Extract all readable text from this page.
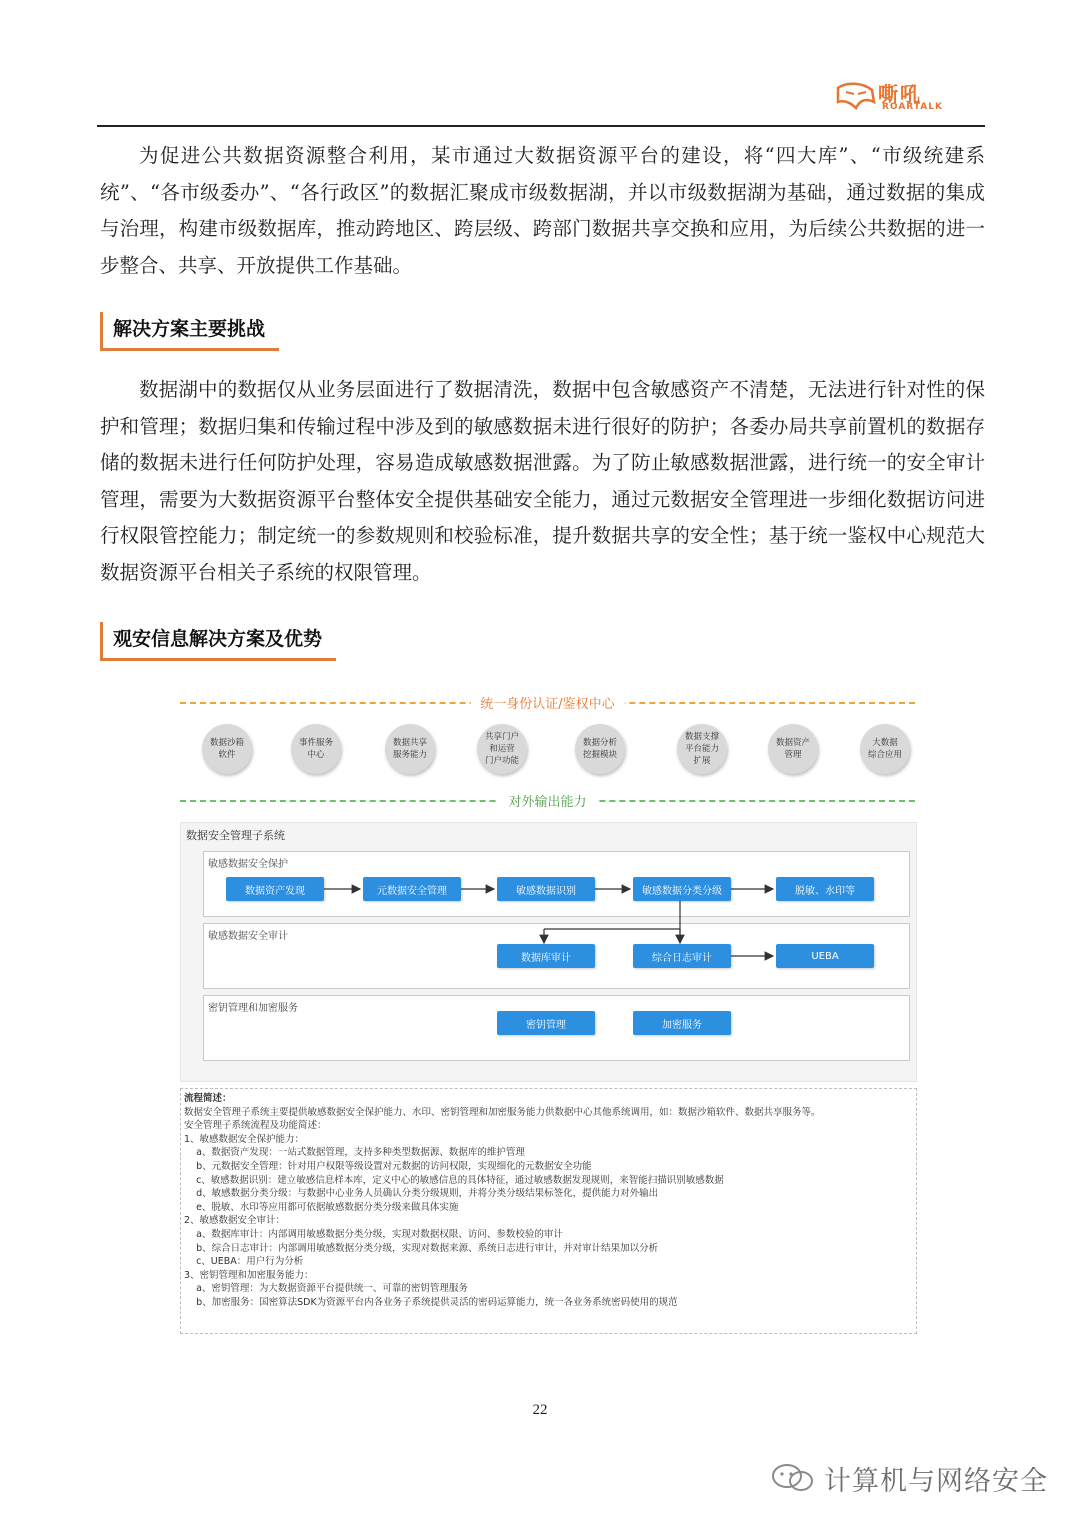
嘶吼
ROARTALK

为促进公共数据资源整合利用，某市通过大数据资源平台的建设，将“四大库”、“市级统建系统”、“各市级委办”、“各行政区”的数据汇聚成市级数据湖，并以市级数据湖为基础，通过数据的集成与治理，构建市级数据库，推动跨地区、跨层级、跨部门数据共享交换和应用，为后续公共数据的进一步整合、共享、开放提供工作基础。

解决方案主要挑战

数据湖中的数据仅从业务层面进行了数据清洗，数据中包含敏感资产不清楚，无法进行针对性的保护和管理；数据归集和传输过程中涉及到的敏感数据未进行很好的防护；各委办局共享前置机的数据存储的数据未进行任何防护处理，容易造成敏感数据泄露。为了防止敏感数据泄露，进行统一的安全审计管理，需要为大数据资源平台整体安全提供基础安全能力，通过元数据安全管理进一步细化数据访问进行权限管控能力；制定统一的参数规则和校验标准，提升数据共享的安全性；基于统一鉴权中心规范大数据资源平台相关子系统的权限管理。

观安信息解决方案及优势
统一身份认证/鉴权中心
数据沙箱
软件
事件服务
中心
数据共享
服务能力
共享门户
和运营
门户功能
数据分析
挖掘模块
数据支撑
平台能力
扩展
数据资产
管理
大数据
综合应用
对外输出能力
数据安全管理子系统
敏感数据安全保护
敏感数据安全审计
密钥管理和加密服务
数据资产发现	元数据安全管理	敏感数据识别	敏感数据分类分级	脱敏、水印等
数据库审计	综合日志审计	UEBA
密钥管理	加密服务
流程简述：
数据安全管理子系统主要提供敏感数据安全保护能力、水印、密钥管理和加密服务能力供数据中心其他系统调用，如：数据沙箱软件、数据共享服务等。
安全管理子系统流程及功能简述：
1、敏感数据安全保护能力：
a、数据资产发现：一站式数据管理，支持多种类型数据源、数据库的维护管理
b、元数据安全管理：针对用户权限等级设置对元数据的访问权限，实现细化的元数据安全功能
c、敏感数据识别：建立敏感信息样本库，定义中心的敏感信息的具体特征，通过敏感数据发现规则，来智能扫描识别敏感数据
d、敏感数据分类分级：与数据中心业务人员确认分类分级规则，并将分类分级结果标签化，提供能力对外输出
e、脱敏、水印等应用都可依据敏感数据分类分级来做具体实施
2、敏感数据安全审计：
a、数据库审计：内部调用敏感数据分类分级，实现对数据权限、访问、参数校验的审计
b、综合日志审计：内部调用敏感数据分类分级，实现对数据来源、系统日志进行审计，并对审计结果加以分析
c、UEBA：用户行为分析
3、密钥管理和加密服务能力：
a、密钥管理：为大数据资源平台提供统一、可靠的密钥管理服务
b、加密服务：国密算法SDK为资源平台内各业务子系统提供灵活的密码运算能力，统一各业务系统密码使用的规范
22
计算机与网络安全
